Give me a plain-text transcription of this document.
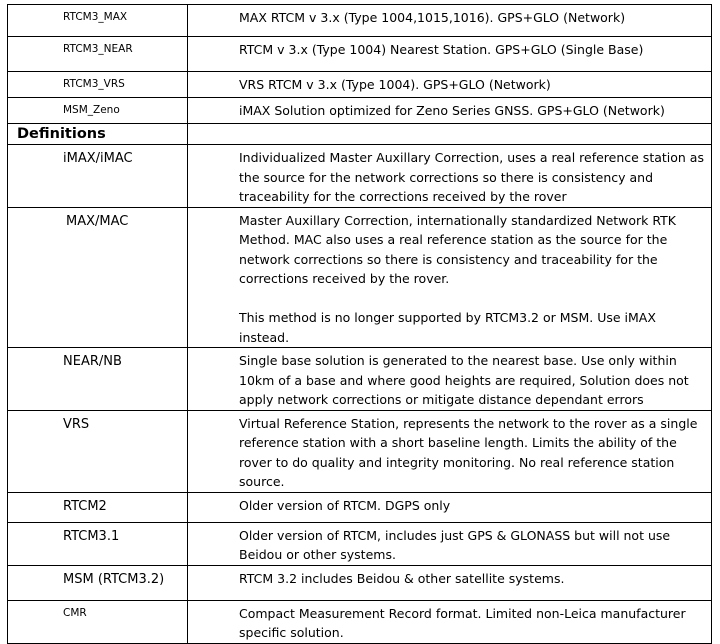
RTCM3_MAX	MAX RTCM v 3.x (Type 1004,1015,1016). GPS+GLO (Network)
RTCM3_NEAR	RTCM v 3.x (Type 1004) Nearest Station. GPS+GLO (Single Base)
RTCM3_VRS	VRS RTCM v 3.x (Type 1004). GPS+GLO (Network)
MSM_Zeno	iMAX Solution optimized for Zeno Series GNSS. GPS+GLO (Network)
Definitions	
iMAX/iMAC	Individualized Master Auxillary Correction, uses a real reference station as the source for the network corrections so there is consistency and traceability for the corrections received by the rover

MAX/MAC	Master Auxillary Correction, internationally standardized Network RTK Method. MAC also uses a real reference station as the source for the network corrections so there is consistency and traceability for the corrections received by the rover.
This method is no longer supported by RTCM3.2 or MSM. Use iMAX instead.

NEAR/NB	Single base solution is generated to the nearest base. Use only within 10km of a base and where good heights are required, Solution does not apply network corrections or mitigate distance dependant errors

VRS	Virtual Reference Station, represents the network to the rover as a single reference station with a short baseline length. Limits the ability of the rover to do quality and integrity monitoring. No real reference station source.

RTCM2	Older version of RTCM. DGPS only

RTCM3.1	Older version of RTCM, includes just GPS & GLONASS but will not use Beidou or other systems.

MSM (RTCM3.2)	RTCM 3.2 includes Beidou & other satellite systems.

CMR	Compact Measurement Record format. Limited non-Leica manufacturer specific solution.
